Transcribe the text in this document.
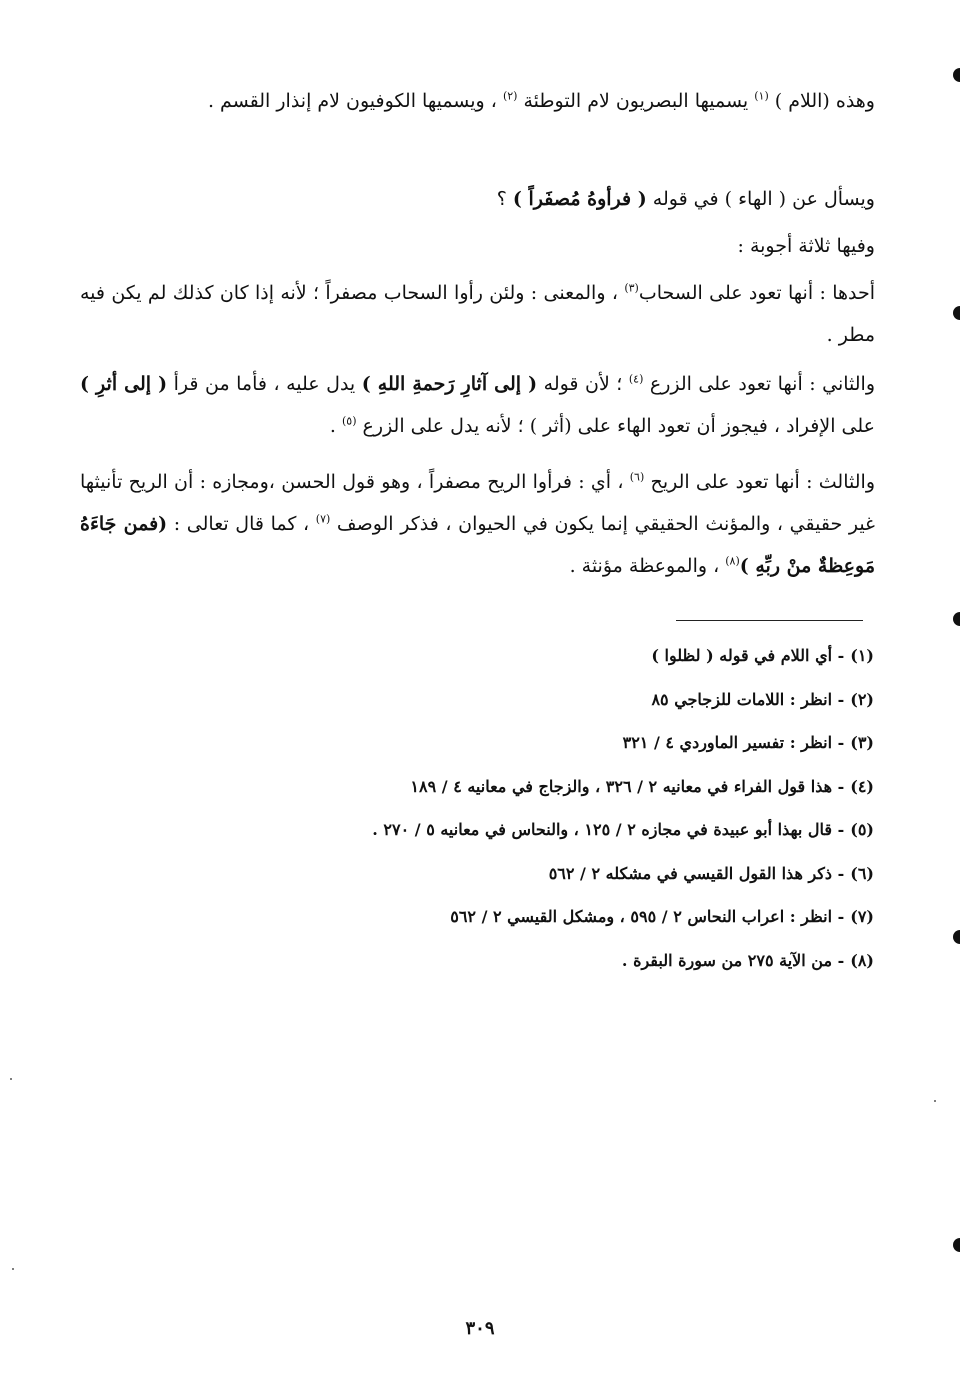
وهذه (اللام ) $^{(١)}$ يسميها البصريون لام التوطئة $^{(٢)}$ ، ويسميها الكوفيون لام إنذار القسم .

ويسأل عن ( الهاء ) في قوله ( فرأوهُ مُصفَراً ) ؟

وفيها ثلاثة أجوبة :

أحدها : أنها تعود على السحاب$^{(٣)}$ ، والمعنى : ولئن رأوا السحاب مصفراً ؛ لأنه إذا كان كذلك لم يكن فيه مطر .

والثاني : أنها تعود على الزرع $^{(٤)}$ ؛ لأن قوله ( إلى آثارِ رَحمةِ اللهِ ) يدل عليه ، فأما من قرأ ( إلى أثرِ ) على الإفراد ، فيجوز أن تعود الهاء على (أثر ) ؛ لأنه يدل على الزرع $^{(٥)}$ .

والثالث : أنها تعود على الريح $^{(٦)}$ ، أي : فرأوا الريح مصفراً ، وهو قول الحسن ،ومجازه : أن الريح تأنيثها غير حقيقي ، والمؤنث الحقيقي إنما يكون في الحيوان ، فذكر الوصف $^{(٧)}$ ، كما قال تعالى : (فمن جَاءَهُ مَوعِظةٌ منْ ربِّهِ )$^{(٨)}$ ، والموعظة مؤنثة .

(١)- أي اللام في قوله ( لظلوا )
(٢)- انظر : اللامات للزجاجي ٨٥
(٣)- انظر : تفسير الماوردي ٤ / ٣٢١
(٤)- هذا قول الفراء في معانيه ٢ / ٣٢٦ ، والزجاج في معانيه ٤ / ١٨٩
(٥)- قال بهذا أبو عبيدة في مجازه ٢ / ١٢٥ ، والنحاس في معانيه ٥ / ٢٧٠ .
(٦)- ذكر هذا القول القيسي في مشكله ٢ / ٥٦٢
(٧)- انظر : اعراب النحاس ٢ / ٥٩٥ ، ومشكل القيسي ٢ / ٥٦٢
(٨)- من الآية ٢٧٥ من سورة البقرة .
٣٠٩
